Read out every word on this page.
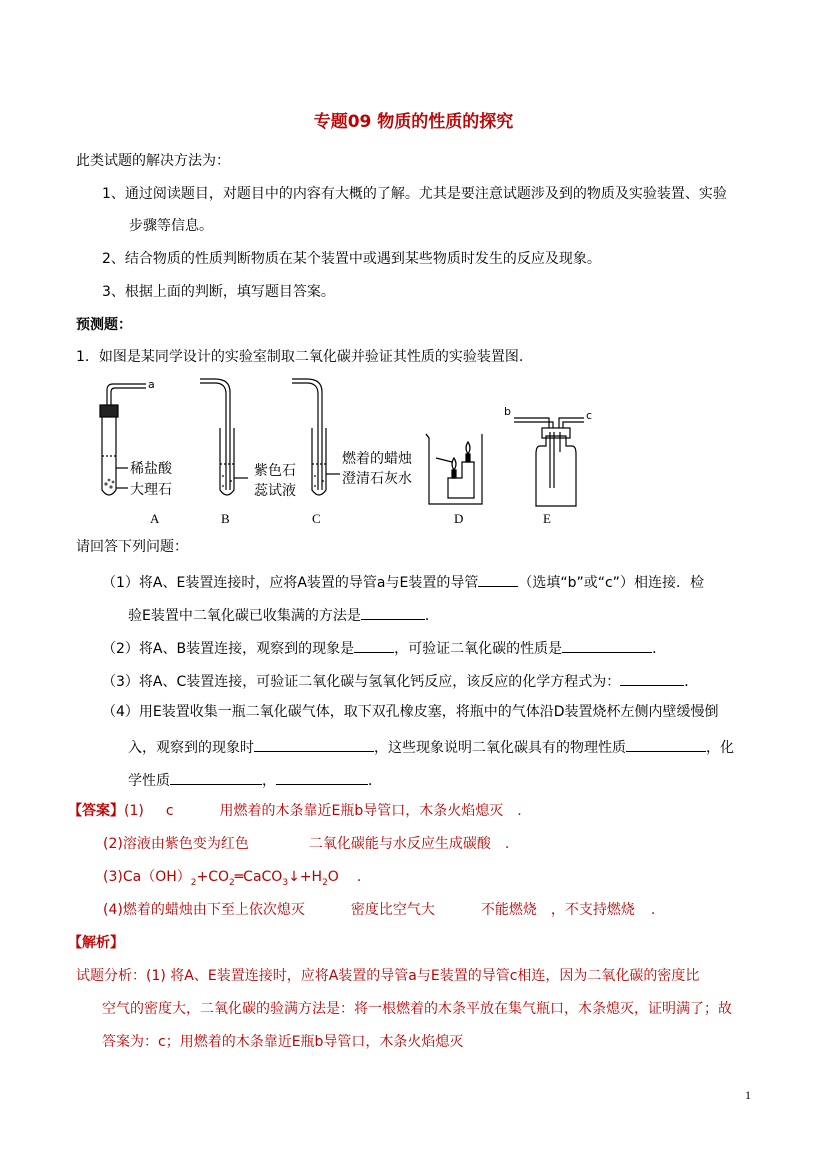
专题09 物质的性质的探究
此类试题的解决方法为：
1、通过阅读题目，对题目中的内容有大概的了解。尤其是要注意试题涉及到的物质及实验装置、实验
步骤等信息。
2、结合物质的性质判断物质在某个装置中或遇到某些物质时发生的反应及现象。
3、根据上面的判断，填写题目答案。
预测题：
1．如图是某同学设计的实验室制取二氧化碳并验证其性质的实验装置图.
a
稀盐酸
大理石
紫色石
蕊试液
燃着的蜡烛
澄清石灰水
b	c
A	B	C	D	E
请回答下列问题：
（1）将A、E装置连接时，应将A装置的导管a与E装置的导管	（选填“b”或“c”）相连接．检
验E装置中二氧化碳已收集满的方法是	．
（2）将A、B装置连接，观察到的现象是	，可验证二氧化碳的性质是	．
（3）将A、C装置连接，可验证二氧化碳与氢氧化钙反应，该反应的化学方程式为：	．
（4）用E装置收集一瓶二氧化碳气体，取下双孔橡皮塞，将瓶中的气体沿D装置烧杯左侧内壁缓慢倒
入，观察到的现象时	，这些现象说明二氧化碳具有的物理性质	，化
学性质	，	．
【答案】(1) c	用燃着的木条靠近E瓶b导管口，木条火焰熄灭 .
(2)溶液由紫色变为红色	二氧化碳能与水反应生成碳酸 .
$(3)Ca(OH)_2+CO_2═CaCO_3↓+H_2O$ .
(4)燃着的蜡烛由下至上依次熄灭	密度比空气大	不能燃烧 ，不支持燃烧 .
【解析】
试题分析：(1) 将A、E装置连接时，应将A装置的导管a与E装置的导管c相连，因为二氧化碳的密度比
空气的密度大，二氧化碳的验满方法是：将一根燃着的木条平放在集气瓶口，木条熄灭，证明满了；故
答案为：c；用燃着的木条靠近E瓶b导管口，木条火焰熄灭
1
